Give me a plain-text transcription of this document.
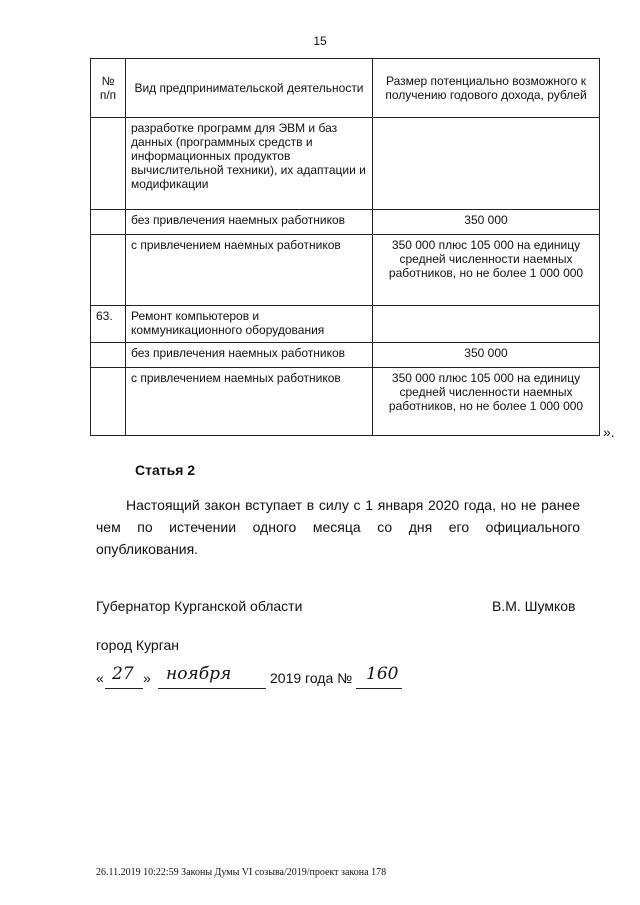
15
№ п/п	Вид предпринимательской деятельности	Размер потенциально возможного к получению годового дохода, рублей
	разработке программ для ЭВМ и баз данных (программных средств и информационных продуктов вычислительной техники), их адаптации и модификации	
	без привлечения наемных работников	350 000
	с привлечением наемных работников	350 000 плюс 105 000 на единицу средней численности наемных работников, но не более 1 000 000
63.	Ремонт компьютеров и коммуникационного оборудования	
	без привлечения наемных работников	350 000
	с привлечением наемных работников	350 000 плюс 105 000 на единицу средней численности наемных работников, но не более 1 000 000
».
Статья 2
Настоящий закон вступает в силу с 1 января 2020 года, но не ранее чем по истечении одного месяца со дня его официального опубликования.
Губернатор Курганской области	В.М. Шумков
город Курган
« 27 » ноября	2019 года № 160
26.11.2019 10:22:59 Законы Думы VI созыва/2019/проект закона 178
